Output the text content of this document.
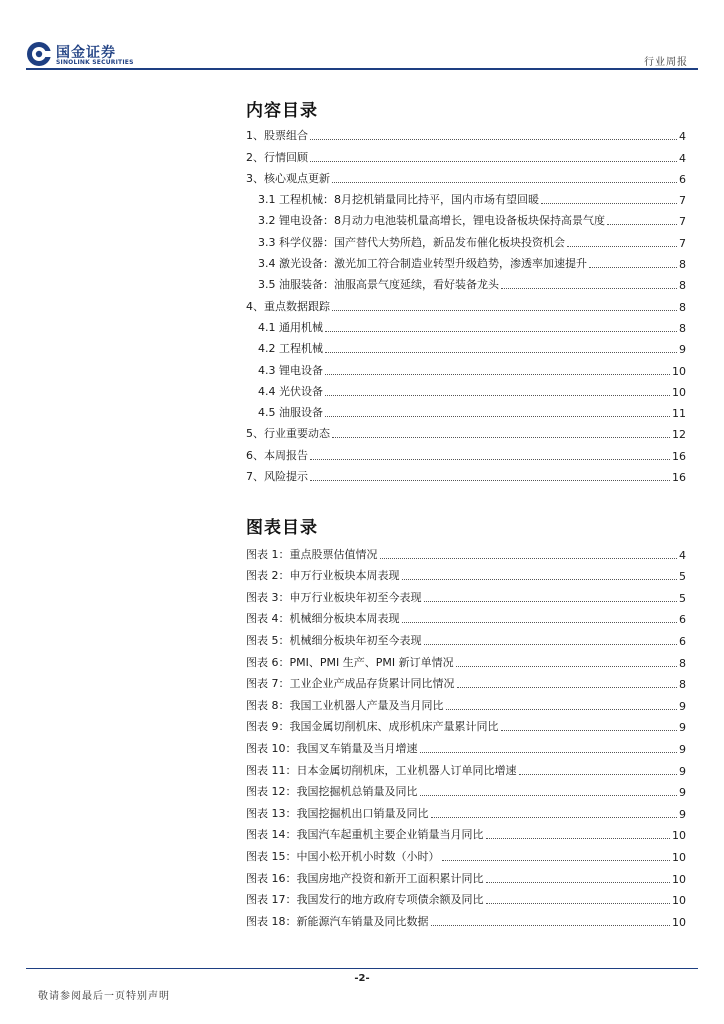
国金证券
SINOLINK SECURITIES	行业周报
内容目录
1、股票组合	4
2、行情回顾	4
3、核心观点更新	6
3.1 工程机械：8月挖机销量同比持平，国内市场有望回暖	7
3.2 锂电设备：8月动力电池装机量高增长，锂电设备板块保持高景气度	7
3.3 科学仪器：国产替代大势所趋，新品发布催化板块投资机会	7
3.4 激光设备：激光加工符合制造业转型升级趋势，渗透率加速提升	8
3.5 油服装备：油服高景气度延续，看好装备龙头	8
4、重点数据跟踪	8
4.1 通用机械	8
4.2 工程机械	9
4.3 锂电设备	10
4.4 光伏设备	10
4.5 油服设备	11
5、行业重要动态	12
6、本周报告	16
7、风险提示	16
图表目录
图表 1：重点股票估值情况	4
图表 2：申万行业板块本周表现	5
图表 3：申万行业板块年初至今表现	5
图表 4：机械细分板块本周表现	6
图表 5：机械细分板块年初至今表现	6
图表 6：PMI、PMI 生产、PMI 新订单情况	8
图表 7：工业企业产成品存货累计同比情况	8
图表 8：我国工业机器人产量及当月同比	9
图表 9：我国金属切削机床、成形机床产量累计同比	9
图表 10：我国叉车销量及当月增速	9
图表 11：日本金属切削机床，工业机器人订单同比增速	9
图表 12：我国挖掘机总销量及同比	9
图表 13：我国挖掘机出口销量及同比	9
图表 14：我国汽车起重机主要企业销量当月同比	10
图表 15：中国小松开机小时数（小时）	10
图表 16：我国房地产投资和新开工面积累计同比	10
图表 17：我国发行的地方政府专项债余额及同比	10
图表 18：新能源汽车销量及同比数据	10
-2-
敬请参阅最后一页特别声明
